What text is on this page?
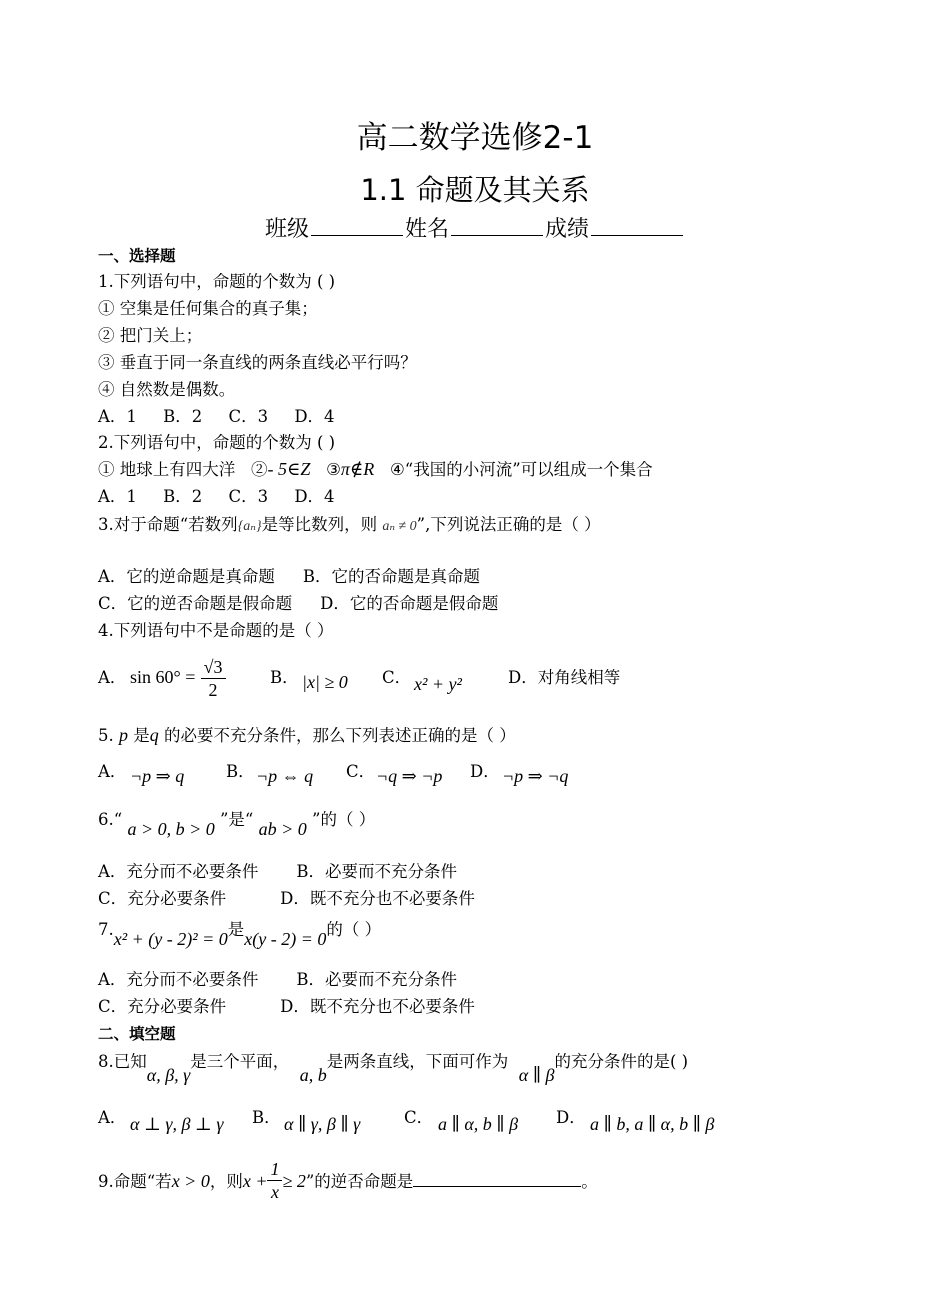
高二数学选修2-1
1.1 命题及其关系
班级	姓名	成绩
一、选择题
1.下列语句中，命题的个数为 ( )
① 空集是任何集合的真子集；
② 把门关上；
③ 垂直于同一条直线的两条直线必平行吗？
④ 自然数是偶数。
A．1     B．2     C．3     D．4
2.下列语句中，命题的个数为 ( )
① 地球上有四大洋 ②- 5∈Z ③π∉R ④“我国的小河流”可以组成一个集合
A．1     B．2     C．3     D．4
3.对于命题“若数列{aₙ}是等比数列，则 aₙ ≠ 0”,下列说法正确的是（ ）
A．它的逆命题是真命题 B．它的否命题是真命题
C．它的逆否命题是假命题 D．它的否命题是假命题
4.下列语句中不是命题的是（ ）
A． $\sin 60^\circ = \frac{√3}{2}$	B． |x| ≥ 0 C． x² + y²	D．对角线相等
5. p 是q 的必要不充分条件，那么下列表述正确的是（ ）
A． ¬p ⇒ q	B． ¬p ⇔ q C． ¬q ⇒ ¬p D． ¬p ⇒ ¬q
6.“ a > 0, b > 0 ”是“ ab > 0 ”的（ ）
A．充分而不必要条件 B．必要而不充分条件
C．充分必要条件	D．既不充分也不必要条件
7.x² + (y - 2)² = 0是x(y - 2) = 0的（ ）
A．充分而不必要条件 B．必要而不充分条件
C．充分必要条件	D．既不充分也不必要条件
二、填空题
8.已知α, β, γ是三个平面，  a, b是两条直线，下面可作为  α ∥ β的充分条件的是( )
A． α ⊥ γ, β ⊥ γ B． α ∥ γ, β ∥ γ	C． a ∥ α, b ∥ β D． a ∥ b, a ∥ α, b ∥ β
9.命题“若x > 0，则$x + \frac{1}{x} \ge 2$”的逆否命题是	。
